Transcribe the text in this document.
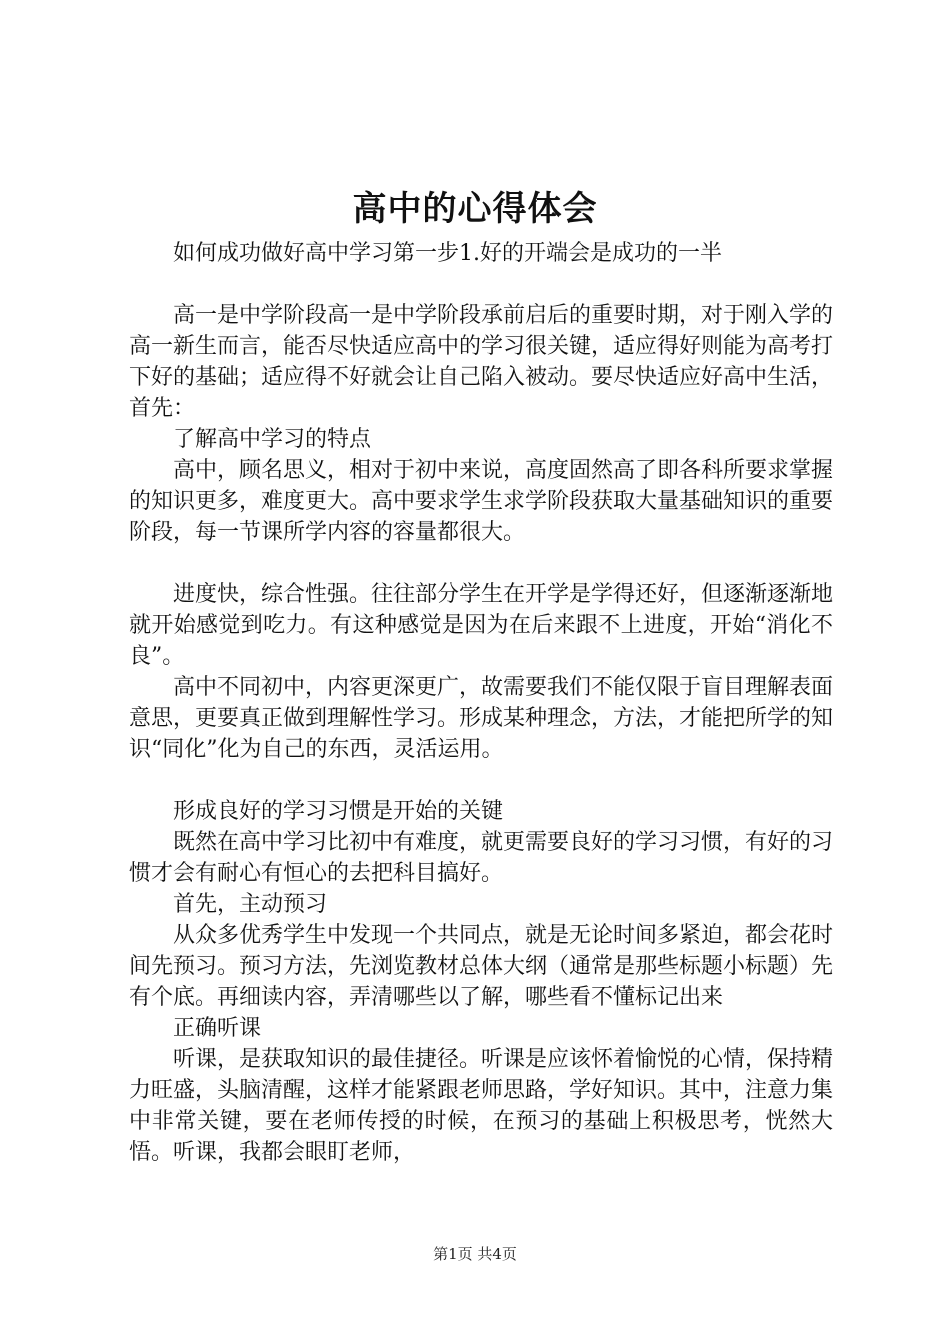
高中的心得体会

如何成功做好高中学习第一步1.好的开端会是成功的一半

高一是中学阶段高一是中学阶段承前启后的重要时期，对于刚入学的高一新生而言，能否尽快适应高中的学习很关键，适应得好则能为高考打下好的基础；适应得不好就会让自己陷入被动。要尽快适应好高中生活，首先：

了解高中学习的特点

高中，顾名思义，相对于初中来说，高度固然高了即各科所要求掌握的知识更多，难度更大。高中要求学生求学阶段获取大量基础知识的重要阶段，每一节课所学内容的容量都很大。

进度快，综合性强。往往部分学生在开学是学得还好，但逐渐逐渐地就开始感觉到吃力。有这种感觉是因为在后来跟不上进度，开始“消化不良”。

高中不同初中，内容更深更广，故需要我们不能仅限于盲目理解表面意思，更要真正做到理解性学习。形成某种理念，方法，才能把所学的知识“同化”化为自己的东西，灵活运用。

形成良好的学习习惯是开始的关键

既然在高中学习比初中有难度，就更需要良好的学习习惯，有好的习惯才会有耐心有恒心的去把科目搞好。

首先，主动预习

从众多优秀学生中发现一个共同点，就是无论时间多紧迫，都会花时间先预习。预习方法，先浏览教材总体大纲（通常是那些标题小标题）先有个底。再细读内容，弄清哪些以了解，哪些看不懂标记出来

正确听课

听课，是获取知识的最佳捷径。听课是应该怀着愉悦的心情，保持精力旺盛，头脑清醒，这样才能紧跟老师思路，学好知识。其中，注意力集中非常关键，要在老师传授的时候，在预习的基础上积极思考，恍然大悟。听课，我都会眼盯老师，

第1页 共4页
